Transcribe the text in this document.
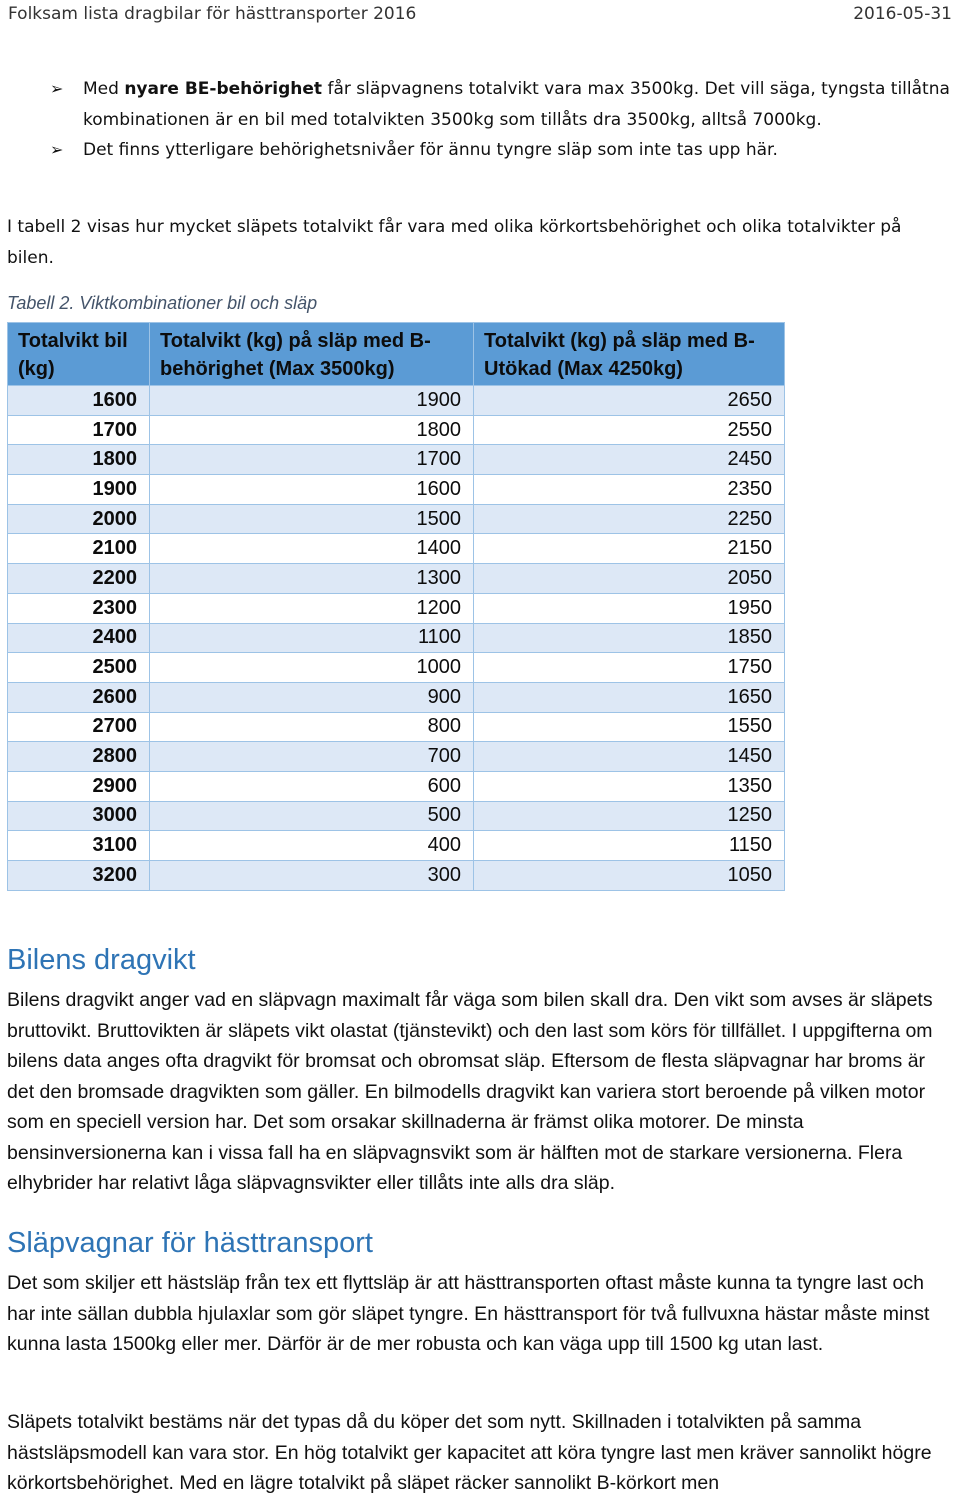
Folksam lista dragbilar för hästtransporter 2016	2016-05-31
➢ Med nyare BE-behörighet får släpvagnens totalvikt vara max 3500kg. Det vill säga, tyngsta tillåtna kombinationen är en bil med totalvikten 3500kg som tillåts dra 3500kg, alltså 7000kg.
➢ Det finns ytterligare behörighetsnivåer för ännu tyngre släp som inte tas upp här.

I tabell 2 visas hur mycket släpets totalvikt får vara med olika körkortsbehörighet och olika totalvikter på bilen.

Tabell 2. Viktkombinationer bil och släp

Totalvikt bil (kg)	Totalvikt (kg) på släp med B-behörighet (Max 3500kg)	Totalvikt (kg) på släp med B-Utökad (Max 4250kg)
1600	1900	2650
1700	1800	2550
1800	1700	2450
1900	1600	2350
2000	1500	2250
2100	1400	2150
2200	1300	2050
2300	1200	1950
2400	1100	1850
2500	1000	1750
2600	900	1650
2700	800	1550
2800	700	1450
2900	600	1350
3000	500	1250
3100	400	1150
3200	300	1050
Bilens dragvikt

Bilens dragvikt anger vad en släpvagn maximalt får väga som bilen skall dra. Den vikt som avses är släpets bruttovikt. Bruttovikten är släpets vikt olastat (tjänstevikt) och den last som körs för tillfället. I uppgifterna om bilens data anges ofta dragvikt för bromsat och obromsat släp. Eftersom de flesta släpvagnar har broms är det den bromsade dragvikten som gäller. En bilmodells dragvikt kan variera stort beroende på vilken motor som en speciell version har. Det som orsakar skillnaderna är främst olika motorer. De minsta bensinversionerna kan i vissa fall ha en släpvagnsvikt som är hälften mot de starkare versionerna. Flera elhybrider har relativt låga släpvagnsvikter eller tillåts inte alls dra släp.

Släpvagnar för hästtransport

Det som skiljer ett hästsläp från tex ett flyttsläp är att hästtransporten oftast måste kunna ta tyngre last och har inte sällan dubbla hjulaxlar som gör släpet tyngre. En hästtransport för två fullvuxna hästar måste minst kunna lasta 1500kg eller mer. Därför är de mer robusta och kan väga upp till 1500 kg utan last.

Släpets totalvikt bestäms när det typas då du köper det som nytt. Skillnaden i totalvikten på samma hästsläpsmodell kan vara stor. En hög totalvikt ger kapacitet att köra tyngre last men kräver sannolikt högre körkortsbehörighet. Med en lägre totalvikt på släpet räcker sannolikt B-körkort men
